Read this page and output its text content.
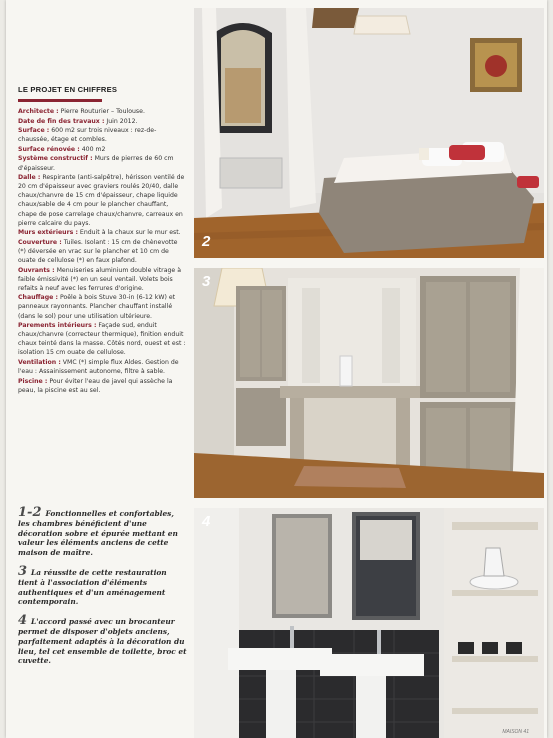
LE PROJET EN CHIFFRES

Architecte : Pierre Routurier – Toulouse.

Date de fin des travaux : Juin 2012.

Surface : 600 m2 sur trois niveaux : rez-de-chaussée, étage et combles.

Surface rénovée : 400 m2

Système constructif : Murs de pierres de 60 cm d'épaisseur.

Dalle : Respirante (anti-salpêtre), hérisson ventilé de 20 cm d'épaisseur avec graviers roulés 20/40, dalle chaux/chanvre de 15 cm d'épaisseur, chape liquide chaux/sable de 4 cm pour le plancher chauffant, chape de pose carrelage chaux/chanvre, carreaux en pierre calcaire du pays.

Murs extérieurs : Enduit à la chaux sur le mur est.

Couverture : Tuiles. Isolant : 15 cm de chènevotte (*) déversée en vrac sur le plancher et 10 cm de ouate de cellulose (*) en faux plafond.

Ouvrants : Menuiseries aluminium double vitrage à faible émissivité (*) en un seul ventail. Volets bois refaits à neuf avec les ferrures d'origine.

Chauffage : Poêle à bois Stuve 30-in (6-12 kW) et panneaux rayonnants. Plancher chauffant installé (dans le sol) pour une utilisation ultérieure.

Parements intérieurs : Façade sud, enduit chaux/chanvre (correcteur thermique), finition enduit chaux teinté dans la masse. Côtés nord, ouest et est : isolation 15 cm ouate de cellulose.

Ventilation : VMC (*) simple flux Aldes. Gestion de l'eau : Assainissement autonome, filtre à sable.

Piscine : Pour éviter l'eau de javel qui assèche la peau, la piscine est au sel.

1-2 Fonctionnelles et confortables, les chambres bénéficient d'une décoration sobre et épurée mettant en valeur les éléments anciens de cette maison de maître.
3 La réussite de cette restauration tient à l'association d'éléments authentiques et d'un aménagement contemporain.
4 L'accord passé avec un brocanteur permet de disposer d'objets anciens, parfaitement adaptés à la décoration du lieu, tel cet ensemble de toilette, broc et cuvette.
2
3
4
MAISON 41
